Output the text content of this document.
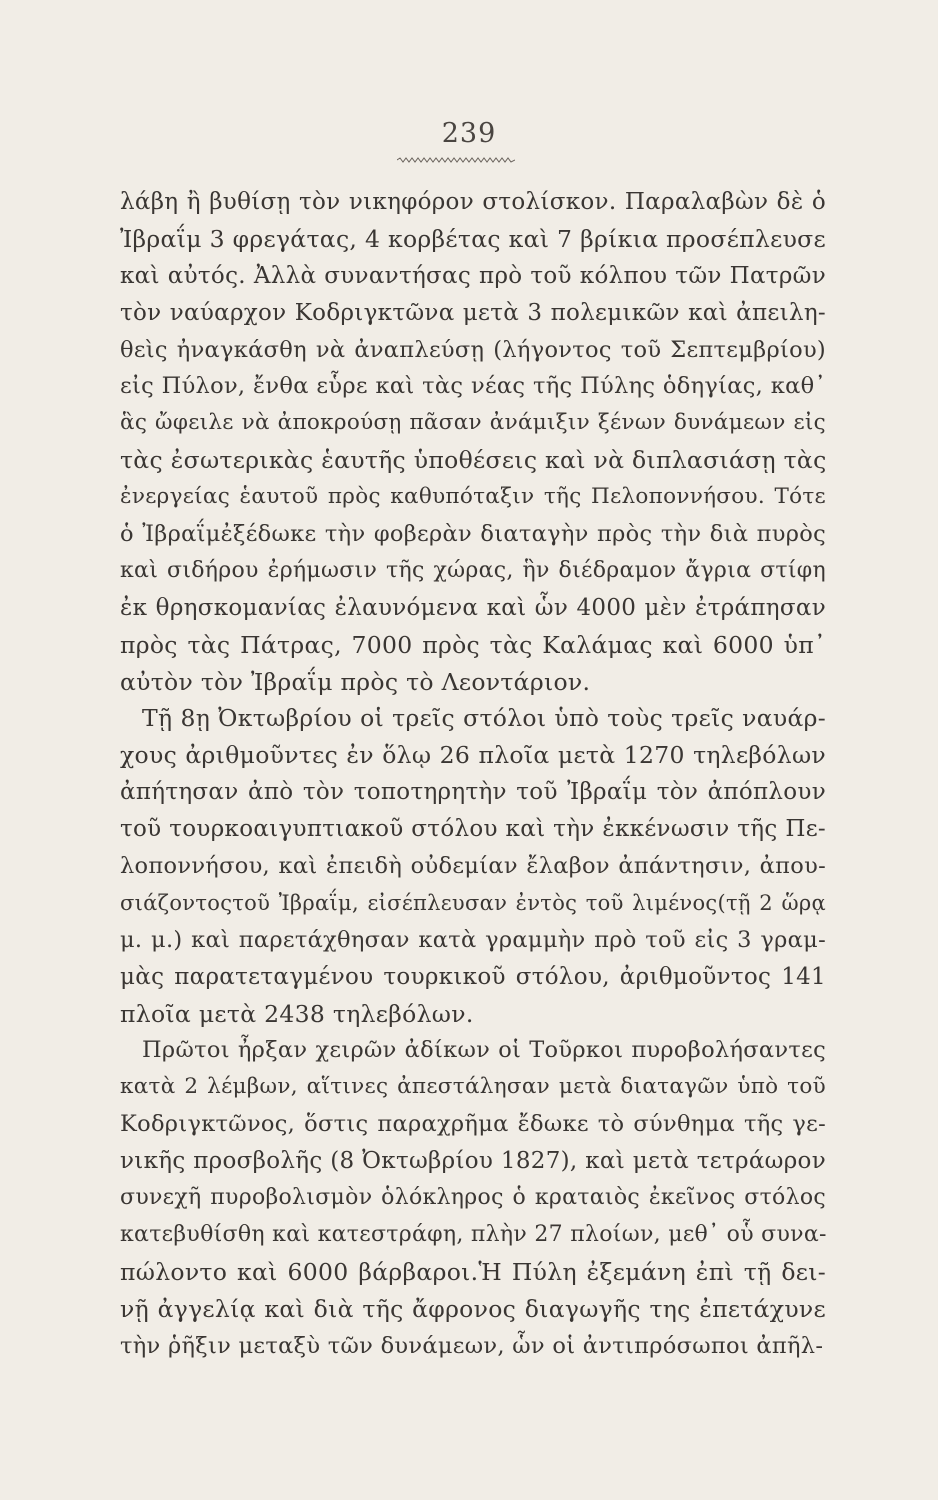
239
λάβη ἢ βυθίσῃ τὸν νικηφόρον στολίσκον. Παραλαβὼν δὲ ὁ
Ἰβραΐμ 3 φρεγάτας, 4 κορβέτας καὶ 7 βρίκια προσέπλευσε
καὶ αὐτός. Ἀλλὰ συναντήσας πρὸ τοῦ κόλπου τῶν Πατρῶν
τὸν ναύαρχον Κοδριγκτῶνα μετὰ 3 πολεμικῶν καὶ ἀπειλη-
θεὶς ἠναγκάσθη νὰ ἀναπλεύσῃ (λήγοντος τοῦ Σεπτεμβρίου)
εἰς Πύλον, ἔνθα εὗρε καὶ τὰς νέας τῆς Πύλης ὁδηγίας, καθ᾽
ἃς ὤφειλε νὰ ἀποκρούσῃ πᾶσαν ἀνάμιξιν ξένων δυνάμεων εἰς
τὰς ἐσωτερικὰς ἑαυτῆς ὑποθέσεις καὶ νὰ διπλασιάσῃ τὰς
ἐνεργείας ἑαυτοῦ πρὸς καθυπόταξιν τῆς Πελοποννήσου. Τότε
ὁ Ἰβραΐμἐξέδωκε τὴν φοβερὰν διαταγὴν πρὸς τὴν διὰ πυρὸς
καὶ σιδήρου ἐρήμωσιν τῆς χώρας, ἣν διέδραμον ἄγρια στίφη
ἐκ θρησκομανίας ἐλαυνόμενα καὶ ὧν 4000 μὲν ἐτράπησαν
πρὸς τὰς Πάτρας, 7000 πρὸς τὰς Καλάμας καὶ 6000 ὑπ᾽
αὐτὸν τὸν Ἰβραΐμ πρὸς τὸ Λεοντάριον.
Τῇ 8ῃ Ὀκτωβρίου οἱ τρεῖς στόλοι ὑπὸ τοὺς τρεῖς ναυάρ-
χους ἀριθμοῦντες ἐν ὅλῳ 26 πλοῖα μετὰ 1270 τηλεβόλων
ἀπήτησαν ἀπὸ τὸν τοποτηρητὴν τοῦ Ἰβραΐμ τὸν ἀπόπλουν
τοῦ τουρκοαιγυπτιακοῦ στόλου καὶ τὴν ἐκκένωσιν τῆς Πε-
λοποννήσου, καὶ ἐπειδὴ οὐδεμίαν ἔλαβον ἀπάντησιν, ἀπου-
σιάζοντοςτοῦ Ἰβραΐμ, εἰσέπλευσαν ἐντὸς τοῦ λιμένος(τῇ 2 ὥρᾳ
μ. μ.) καὶ παρετάχθησαν κατὰ γραμμὴν πρὸ τοῦ εἰς 3 γραμ-
μὰς παρατεταγμένου τουρκικοῦ στόλου, ἀριθμοῦντος 141
πλοῖα μετὰ 2438 τηλεβόλων.
Πρῶτοι ἦρξαν χειρῶν ἀδίκων οἱ Τοῦρκοι πυροβολήσαντες
κατὰ 2 λέμβων, αἵτινες ἀπεστάλησαν μετὰ διαταγῶν ὑπὸ τοῦ
Κοδριγκτῶνος, ὅστις παραχρῆμα ἔδωκε τὸ σύνθημα τῆς γε-
νικῆς προσβολῆς (8 Ὀκτωβρίου 1827), καὶ μετὰ τετράωρον
συνεχῆ πυροβολισμὸν ὁλόκληρος ὁ κραταιὸς ἐκεῖνος στόλος
κατεβυθίσθη καὶ κατεστράφη, πλὴν 27 πλοίων, μεθ᾽ οὗ συνα-
πώλοντο καὶ 6000 βάρβαροι.Ἡ Πύλη ἐξεμάνη ἐπὶ τῇ δει-
νῇ ἀγγελίᾳ καὶ διὰ τῆς ἄφρονος διαγωγῆς της ἐπετάχυνε
τὴν ῥῆξιν μεταξὺ τῶν δυνάμεων, ὧν οἱ ἀντιπρόσωποι ἀπῆλ-
